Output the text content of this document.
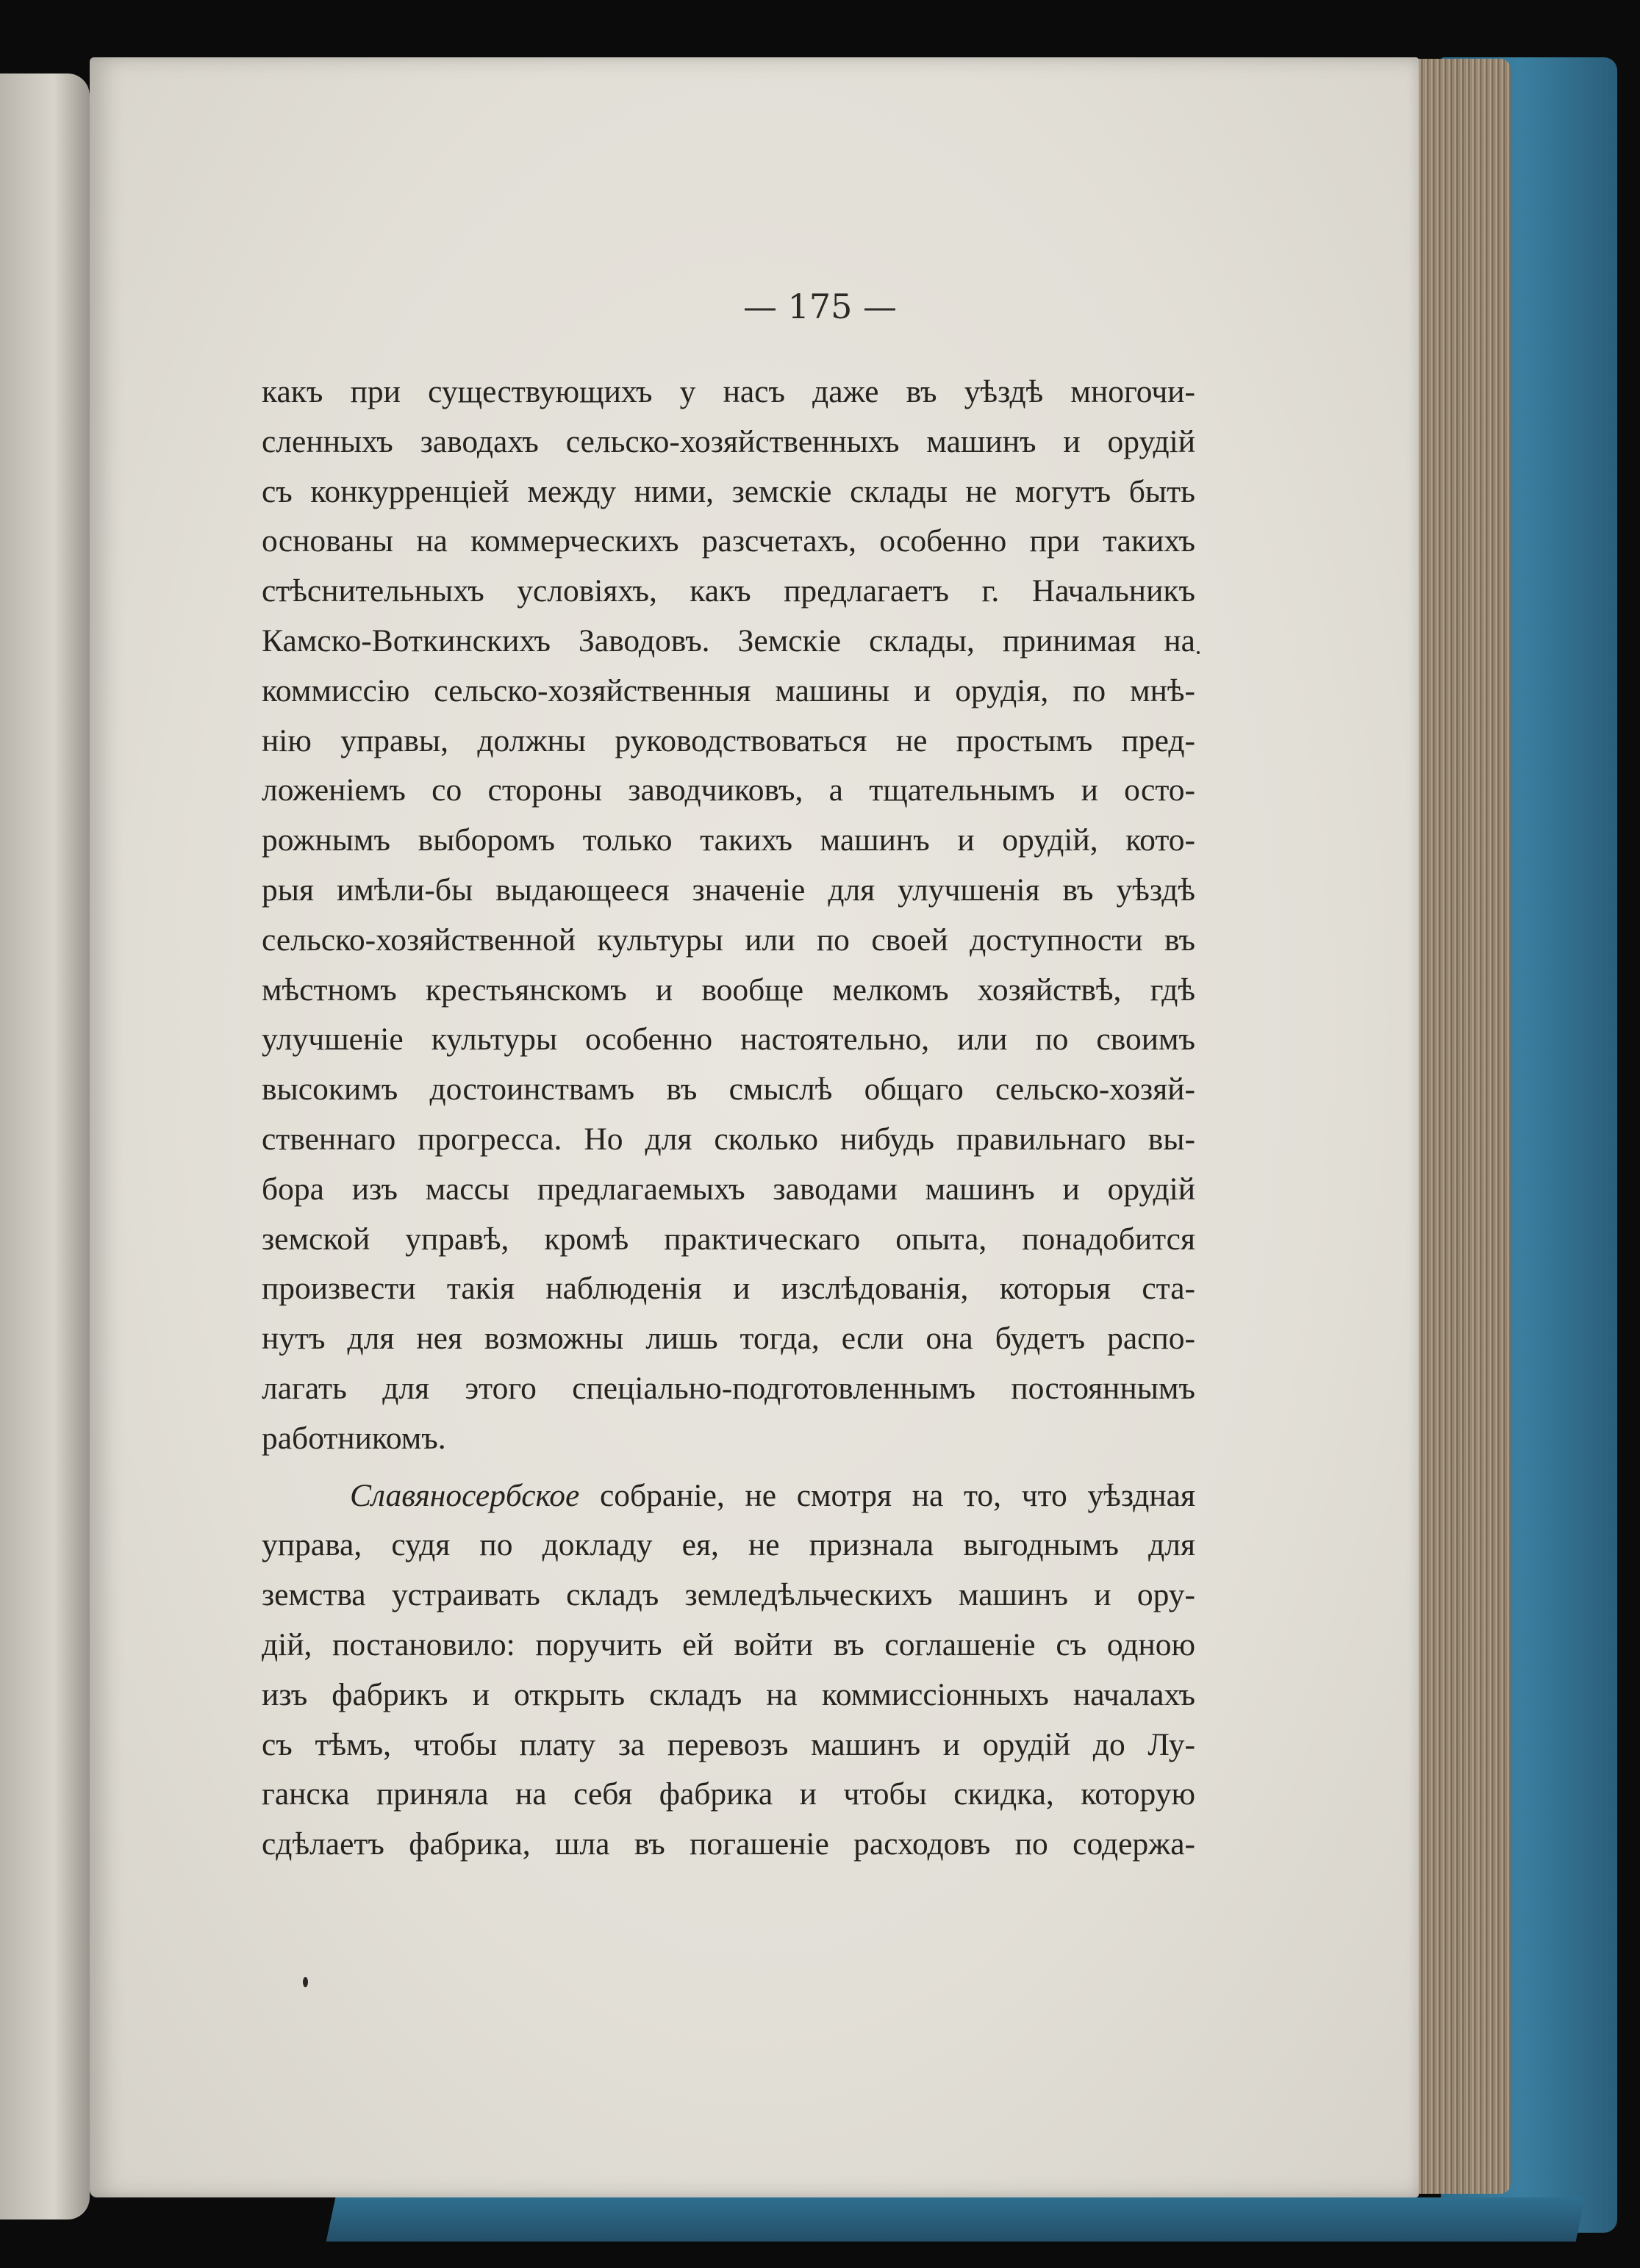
— 175 —
какъ при существующихъ у насъ даже въ уѣздѣ многочи-
сленныхъ заводахъ сельско-хозяйственныхъ машинъ и орудій
съ конкурренціей между ними, земскіе склады не могутъ быть
основаны на коммерческихъ разсчетахъ, особенно при такихъ
стѣснительныхъ условіяхъ, какъ предлагаетъ г. Начальникъ
Камско-Воткинскихъ Заводовъ. Земскіе склады, принимая на
коммиссію сельско-хозяйственныя машины и орудія, по мнѣ-
нію управы, должны руководствоваться не простымъ пред-
ложеніемъ со стороны заводчиковъ, а тщательнымъ и осто-
рожнымъ выборомъ только такихъ машинъ и орудій, кото-
рыя имѣли-бы выдающееся значеніе для улучшенія въ уѣздѣ
сельско-хозяйственной культуры или по своей доступности въ
мѣстномъ крестьянскомъ и вообще мелкомъ хозяйствѣ, гдѣ
улучшеніе культуры особенно настоятельно, или по своимъ
высокимъ достоинствамъ въ смыслѣ общаго сельско-хозяй-
ственнаго прогресса. Но для сколько нибудь правильнаго вы-
бора изъ массы предлагаемыхъ заводами машинъ и орудій
земской управѣ, кромѣ практическаго опыта, понадобится
произвести такія наблюденія и изслѣдованія, которыя ста-
нутъ для нея возможны лишь тогда, если она будетъ распо-
лагать для этого спеціально-подготовленнымъ постояннымъ
работникомъ.
Славяносербское собраніе, не смотря на то, что уѣздная
управа, судя по докладу ея, не признала выгоднымъ для
земства устраивать складъ земледѣльческихъ машинъ и ору-
дій, постановило: поручить ей войти въ соглашеніе съ одною
изъ фабрикъ и открыть складъ на коммиссіонныхъ началахъ
съ тѣмъ, чтобы плату за перевозъ машинъ и орудій до Лу-
ганска приняла на себя фабрика и чтобы скидка, которую
сдѣлаетъ фабрика, шла въ погашеніе расходовъ по содержа-
